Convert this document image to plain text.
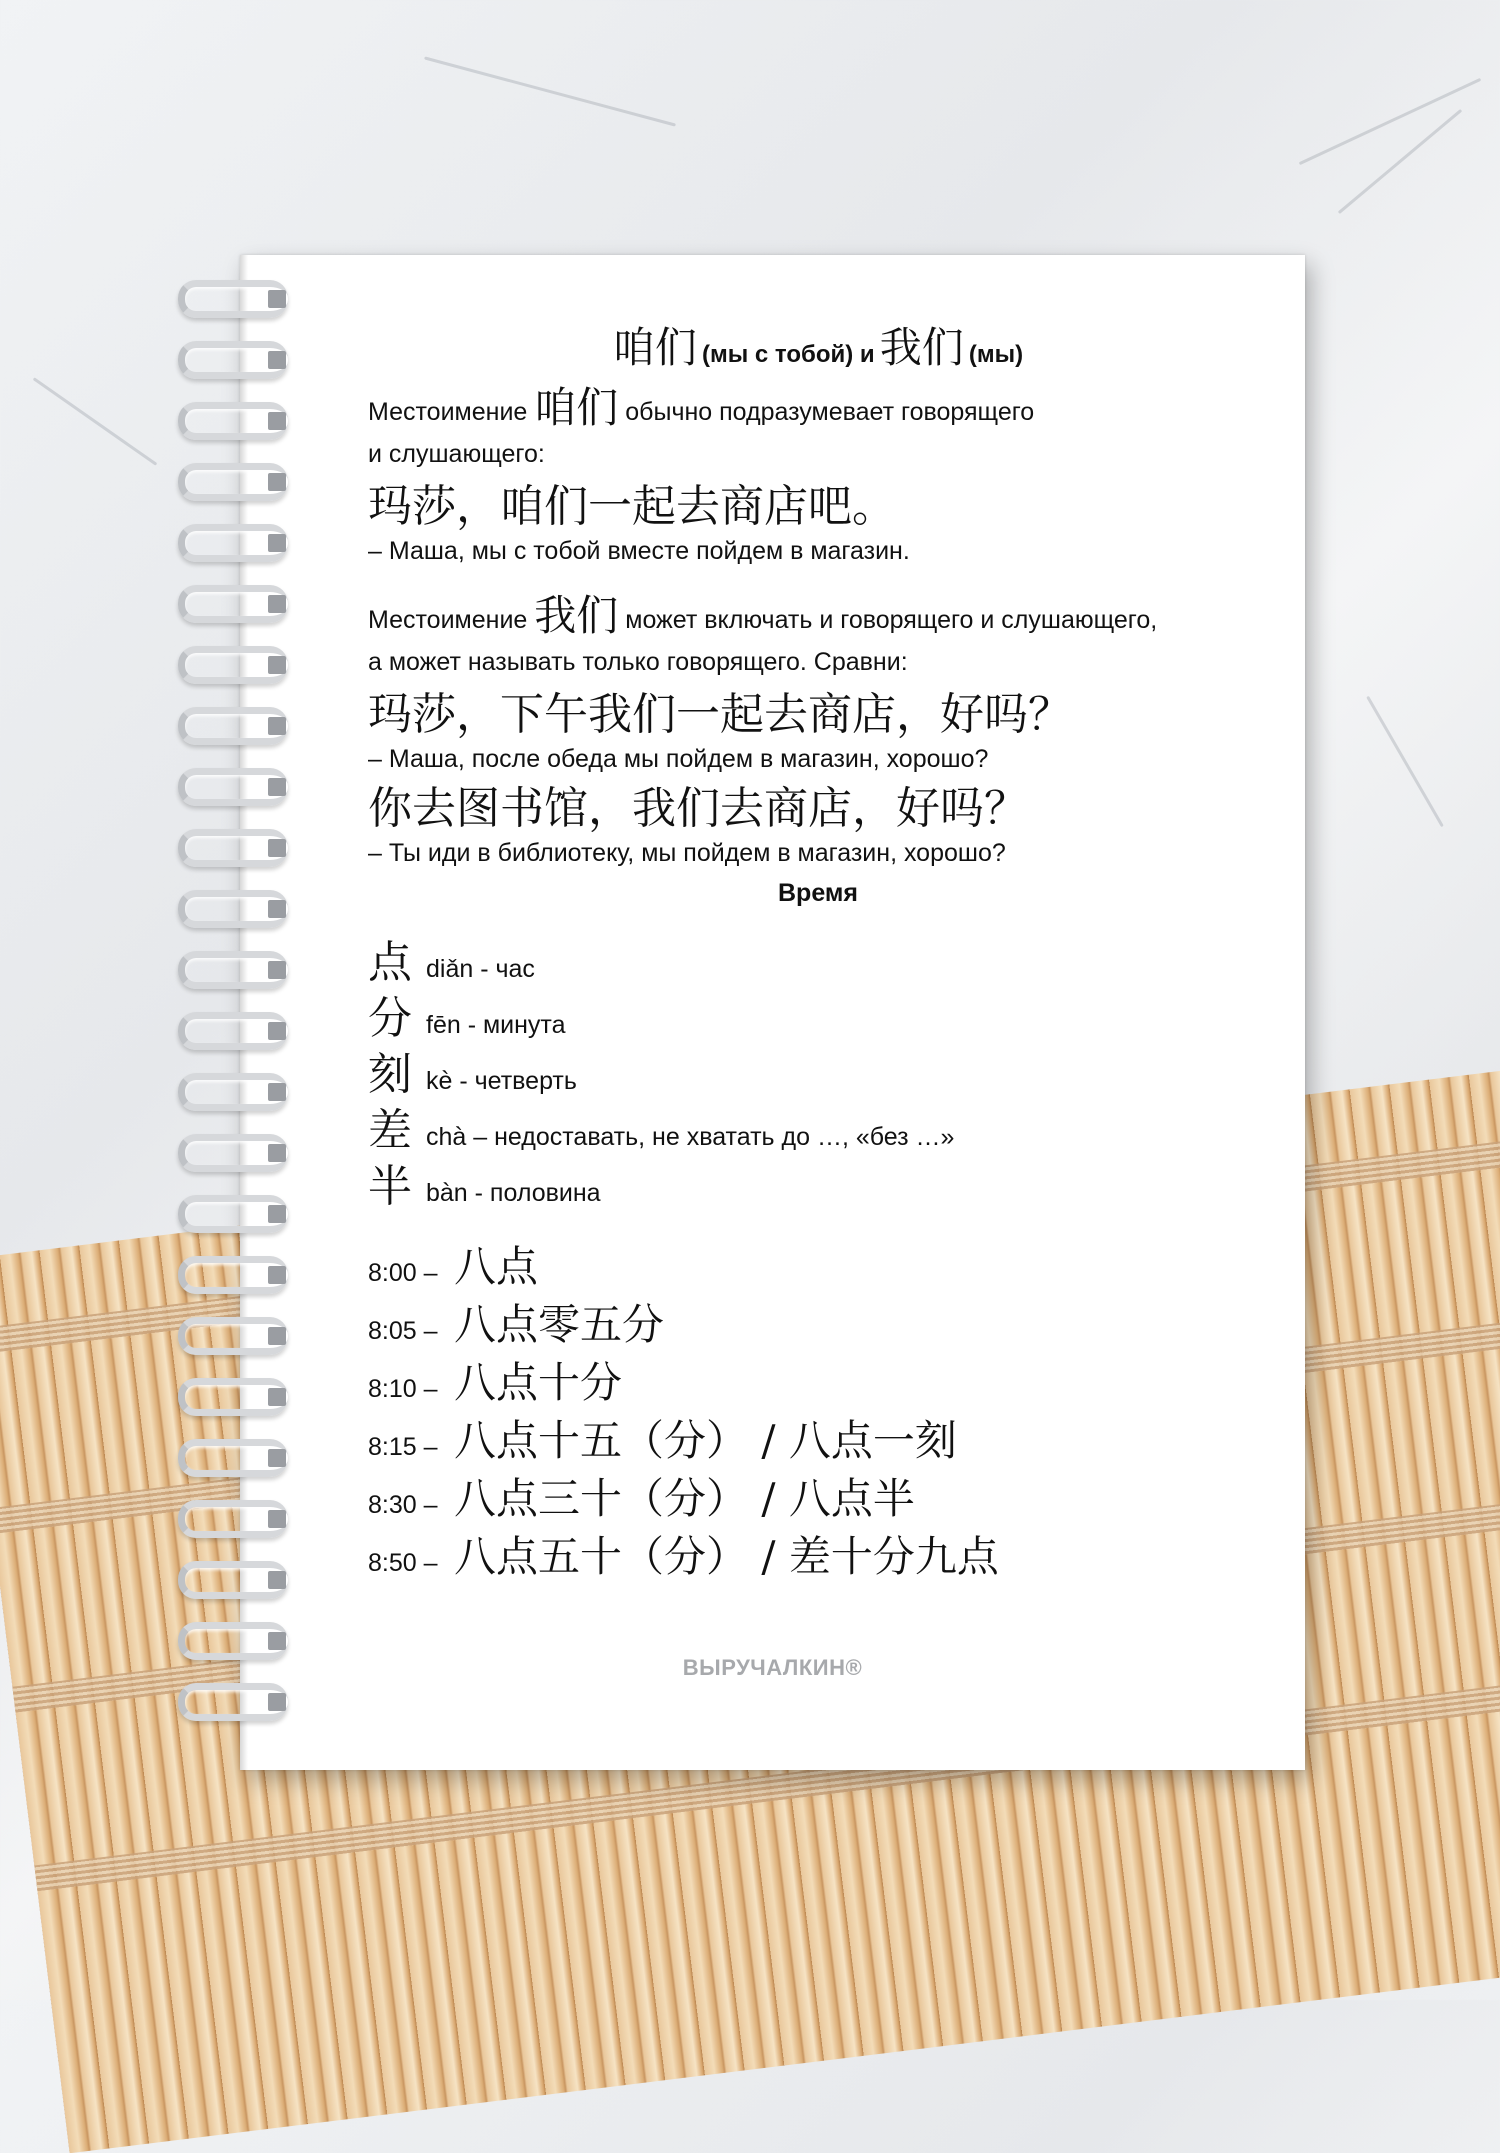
咱们 (мы с тобой) и 我们 (мы)

Местоимение 咱们 обычно подразумевает говорящего

и слушающего:

玛莎，咱们一起去商店吧。

– Маша, мы с тобой вместе пойдем в магазин.

Местоимение 我们 может включать и говорящего и слушающего,

а может называть только говорящего. Сравни:

玛莎，下午我们一起去商店，好吗？

– Маша, после обеда мы пойдем в магазин, хорошо?

你去图书馆，我们去商店，好吗？

– Ты иди в библиотеку, мы пойдем в магазин, хорошо?

Время
点 diǎn - час
分 fēn - минута
刻 kè - четверть
差 chà – недоставать, не хватать до …, «без …»
半 bàn - половина
8:00 – 八点
8:05 – 八点零五分
8:10 – 八点十分
8:15 – 八点十五（分） / 八点一刻
8:30 – 八点三十（分） / 八点半
8:50 – 八点五十（分） / 差十分九点
ВЫРУЧАЛКИН®
